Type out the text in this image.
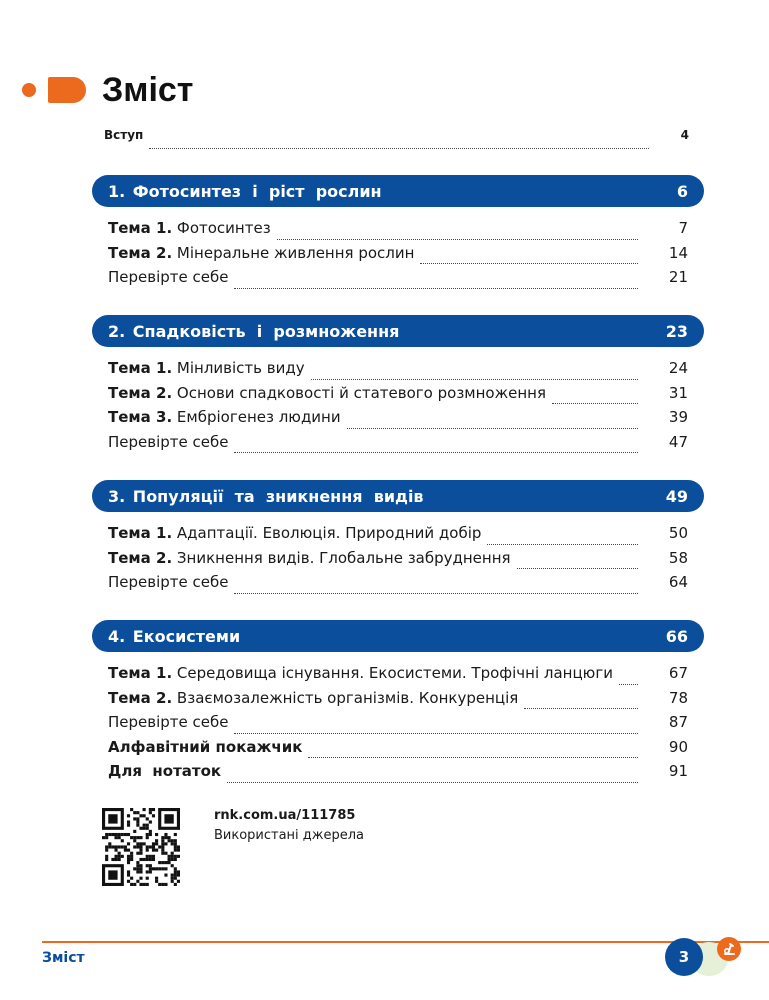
Зміст
Вступ	4
1. Фотосинтез  і  ріст  рослин	6
Тема 1. Фотосинтез	7
Тема 2. Мінеральне живлення рослин	14
Перевірте себе	21
2. Спадковість  і  розмноження	23
Тема 1. Мінливість виду	24
Тема 2. Основи спадковості й статевого розмноження	31
Тема 3. Ембріогенез людини	39
Перевірте себе	47
3. Популяції  та  зникнення  видів	49
Тема 1. Адаптації. Еволюція. Природний добір	50
Тема 2. Зникнення видів. Глобальне забруднення	58
Перевірте себе	64
4. Екосистеми	66
Тема 1. Середовища існування. Екосистеми. Трофічні ланцюги	67
Тема 2. Взаємозалежність організмів. Конкуренція	78
Перевірте себе	87
Алфавітний покажчик	90
Для  нотаток	91
rnk.com.ua/111785
Використані джерела
Зміст	3
